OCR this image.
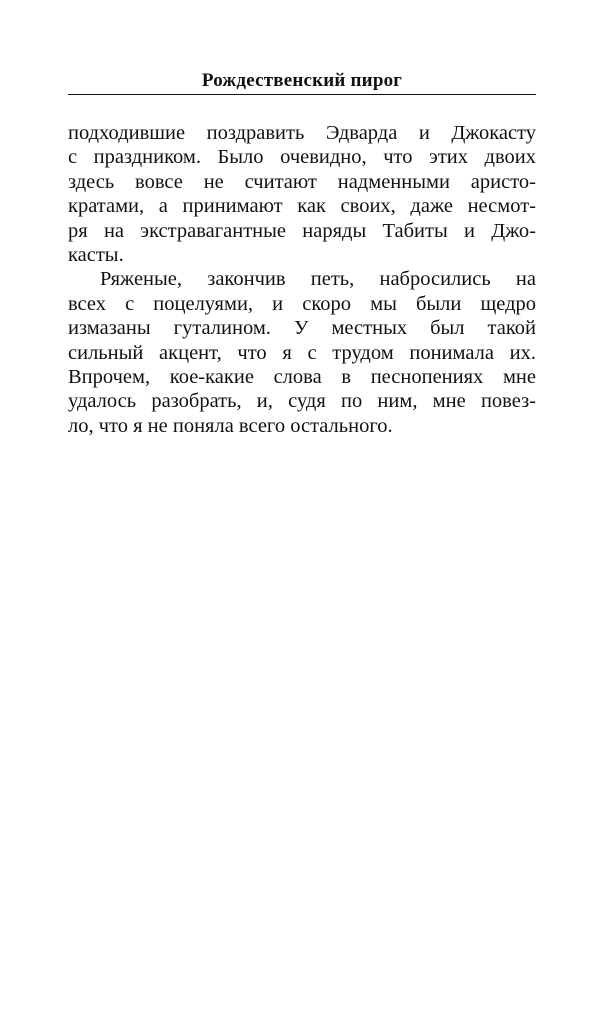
Рождественский пирог
подходившие поздравить Эдварда и Джокасту
с праздником. Было очевидно, что этих двоих
здесь вовсе не считают надменными аристо-
кратами, а принимают как своих, даже несмот-
ря на экстравагантные наряды Табиты и Джо-
касты.
Ряженые, закончив петь, набросились на
всех с поцелуями, и скоро мы были щедро
измазаны гуталином. У местных был такой
сильный акцент, что я с трудом понимала их.
Впрочем, кое-какие слова в песнопениях мне
удалось разобрать, и, судя по ним, мне повез-
ло, что я не поняла всего остального.
